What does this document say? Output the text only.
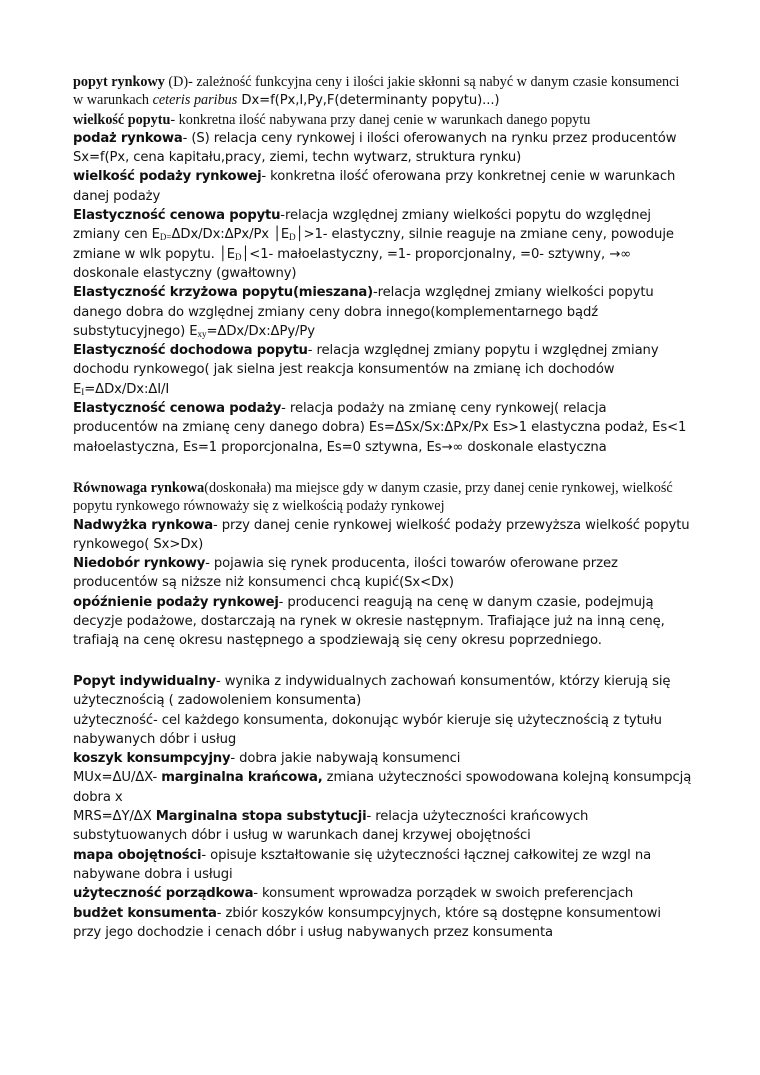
popyt rynkowy (D)- zależność funkcyjna ceny i ilości jakie skłonni są nabyć w danym czasie konsumenci w warunkach ceteris paribus Dx=f(Px,I,Py,F(determinanty popytu)...)

wielkość popytu- konkretna ilość nabywana przy danej cenie w warunkach danego popytu

podaż rynkowa- (S) relacja ceny rynkowej i ilości oferowanych na rynku przez producentów Sx=f(Px, cena kapitału,pracy, ziemi, techn wytwarz, struktura rynku)

wielkość podaży rynkowej- konkretna ilość oferowana przy konkretnej cenie w warunkach danej podaży

Elastyczność cenowa popytu-relacja względnej zmiany wielkości popytu do względnej zmiany cen $E_{D=}\Delta Dx/Dx:\Delta Px/Px$ $│E_D│>1-$ elastyczny, silnie reaguje na zmiane ceny, powoduje zmiane w wlk popytu. $│E_D│<1-$ małoelastyczny, =1- proporcjonalny, =0- sztywny, →∞ doskonale elastyczny (gwałtowny)

Elastyczność krzyżowa popytu(mieszana)-relacja względnej zmiany wielkości popytu danego dobra do względnej zmiany ceny dobra innego(komplementarnego bądź substytucyjnego) $E_{xy}=\Delta Dx/Dx:\Delta Py/Py$

Elastyczność dochodowa popytu- relacja względnej zmiany popytu i względnej zmiany dochodu rynkowego( jak sielna jest reakcja konsumentów na zmianę ich dochodów $E_I=\Delta Dx/Dx:\Delta I/I$

Elastyczność cenowa podaży- relacja podaży na zmianę ceny rynkowej( relacja producentów na zmianę ceny danego dobra) Es=ΔSx/Sx:ΔPx/Px Es>1 elastyczna podaż, Es<1 małoelastyczna, Es=1 proporcjonalna, Es=0 sztywna, Es→∞ doskonale elastyczna

Równowaga rynkowa(doskonała) ma miejsce gdy w danym czasie, przy danej cenie rynkowej, wielkość popytu rynkowego równoważy się z wielkością podaży rynkowej

Nadwyżka rynkowa- przy danej cenie rynkowej wielkość podaży przewyższa wielkość popytu rynkowego( Sx>Dx)

Niedobór rynkowy- pojawia się rynek producenta, ilości towarów oferowane przez producentów są niższe niż konsumenci chcą kupić(Sx<Dx)

opóźnienie podaży rynkowej- producenci reagują na cenę w danym czasie, podejmują decyzje podażowe, dostarczają na rynek w okresie następnym. Trafiające już na inną cenę, trafiają na cenę okresu następnego a spodziewają się ceny okresu poprzedniego.

Popyt indywidualny- wynika z indywidualnych zachowań konsumentów, którzy kierują się użytecznością ( zadowoleniem konsumenta)

użyteczność- cel każdego konsumenta, dokonując wybór kieruje się użytecznością z tytułu nabywanych dóbr i usług

koszyk konsumpcyjny- dobra jakie nabywają konsumenci

MUx=ΔU/ΔX- marginalna krańcowa, zmiana użyteczności spowodowana kolejną konsumpcją dobra x

MRS=ΔY/ΔX Marginalna stopa substytucji- relacja użyteczności krańcowych substytuowanych dóbr i usług w warunkach danej krzywej obojętności

mapa obojętności- opisuje kształtowanie się użyteczności łącznej całkowitej ze wzgl na nabywane dobra i usługi

użyteczność porządkowa- konsument wprowadza porządek w swoich preferencjach

budżet konsumenta- zbiór koszyków konsumpcyjnych, które są dostępne konsumentowi przy jego dochodzie i cenach dóbr i usług nabywanych przez konsumenta
